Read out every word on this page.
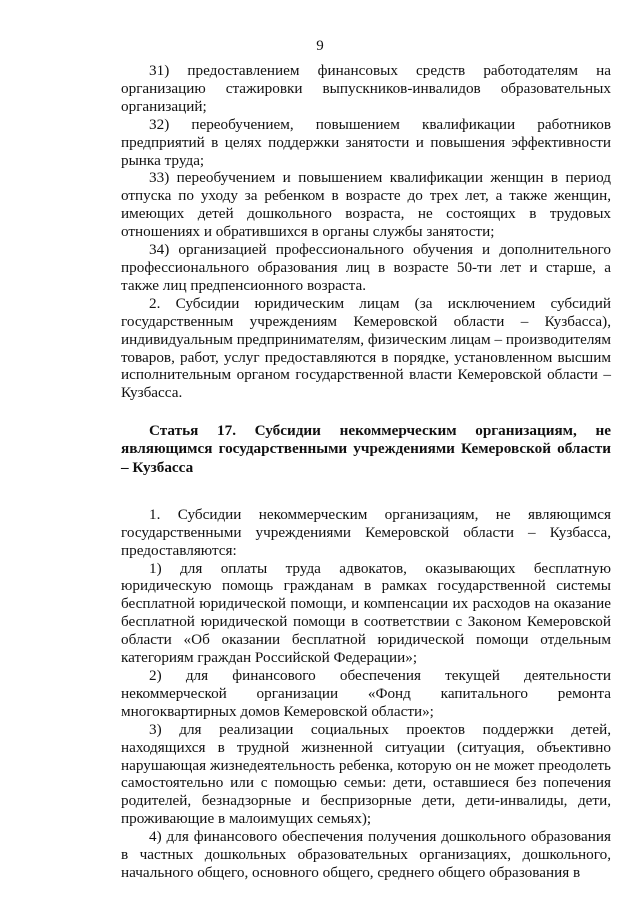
9

31) предоставлением финансовых средств работодателям на организацию стажировки выпускников-инвалидов образовательных организаций;

32) переобучением, повышением квалификации работников предприятий в целях поддержки занятости и повышения эффективности рынка труда;

33) переобучением и повышением квалификации женщин в период отпуска по уходу за ребенком в возрасте до трех лет, а также женщин, имеющих детей дошкольного возраста, не состоящих в трудовых отношениях и обратившихся в органы службы занятости;

34) организацией профессионального обучения и дополнительного профессионального образования лиц в возрасте 50-ти лет и старше, а также лиц предпенсионного возраста.

2. Субсидии юридическим лицам (за исключением субсидий государственным учреждениям Кемеровской области – Кузбасса), индивидуальным предпринимателям, физическим лицам – производителям товаров, работ, услуг предоставляются в порядке, установленном высшим исполнительным органом государственной власти Кемеровской области – Кузбасса.

Статья 17. Субсидии некоммерческим организациям, не являющимся государственными учреждениями Кемеровской области – Кузбасса

1. Субсидии некоммерческим организациям, не являющимся государственными учреждениями Кемеровской области – Кузбасса, предоставляются:

1) для оплаты труда адвокатов, оказывающих бесплатную юридическую помощь гражданам в рамках государственной системы бесплатной юридической помощи, и компенсации их расходов на оказание бесплатной юридической помощи в соответствии с Законом Кемеровской области «Об оказании бесплатной юридической помощи отдельным категориям граждан Российской Федерации»;

2) для финансового обеспечения текущей деятельности некоммерческой организации «Фонд капитального ремонта многоквартирных домов Кемеровской области»;

3) для реализации социальных проектов поддержки детей, находящихся в трудной жизненной ситуации (ситуация, объективно нарушающая жизнедеятельность ребенка, которую он не может преодолеть самостоятельно или с помощью семьи: дети, оставшиеся без попечения родителей, безнадзорные и беспризорные дети, дети-инвалиды, дети, проживающие в малоимущих семьях);

4) для финансового обеспечения получения дошкольного образования в частных дошкольных образовательных организациях, дошкольного, начального общего, основного общего, среднего общего образования в
